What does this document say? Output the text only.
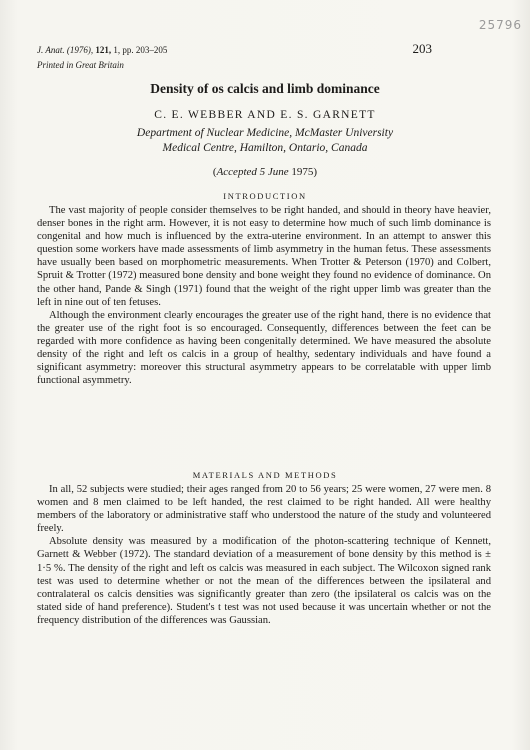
25796
J. Anat. (1976), 121, 1, pp. 203–205
Printed in Great Britain
203
Density of os calcis and limb dominance
C. E. WEBBER AND E. S. GARNETT
Department of Nuclear Medicine, McMaster University
Medical Centre, Hamilton, Ontario, Canada
(Accepted 5 June 1975)
INTRODUCTION

The vast majority of people consider themselves to be right handed, and should in theory have heavier, denser bones in the right arm. However, it is not easy to determine how much of such limb dominance is congenital and how much is influenced by the extra-uterine environment. In an attempt to answer this question some workers have made assessments of limb asymmetry in the human fetus. These assessments have usually been based on morphometric measurements. When Trotter & Peterson (1970) and Colbert, Spruit & Trotter (1972) measured bone density and bone weight they found no evidence of dominance. On the other hand, Pande & Singh (1971) found that the weight of the right upper limb was greater than the left in nine out of ten fetuses.

Although the environment clearly encourages the greater use of the right hand, there is no evidence that the greater use of the right foot is so encouraged. Consequently, differences between the feet can be regarded with more confidence as having been congenitally determined. We have measured the absolute density of the right and left os calcis in a group of healthy, sedentary individuals and have found a significant asymmetry: moreover this structural asymmetry appears to be correlatable with upper limb functional asymmetry.

MATERIALS AND METHODS

In all, 52 subjects were studied; their ages ranged from 20 to 56 years; 25 were women, 27 were men. 8 women and 8 men claimed to be left handed, the rest claimed to be right handed. All were healthy members of the laboratory or administrative staff who understood the nature of the study and volunteered freely.

Absolute density was measured by a modification of the photon-scattering technique of Kennett, Garnett & Webber (1972). The standard deviation of a measurement of bone density by this method is ± 1·5 %. The density of the right and left os calcis was measured in each subject. The Wilcoxon signed rank test was used to determine whether or not the mean of the differences between the ipsilateral and contralateral os calcis densities was significantly greater than zero (the ipsilateral os calcis was on the stated side of hand preference). Student's t test was not used because it was uncertain whether or not the frequency distribution of the differences was Gaussian.
